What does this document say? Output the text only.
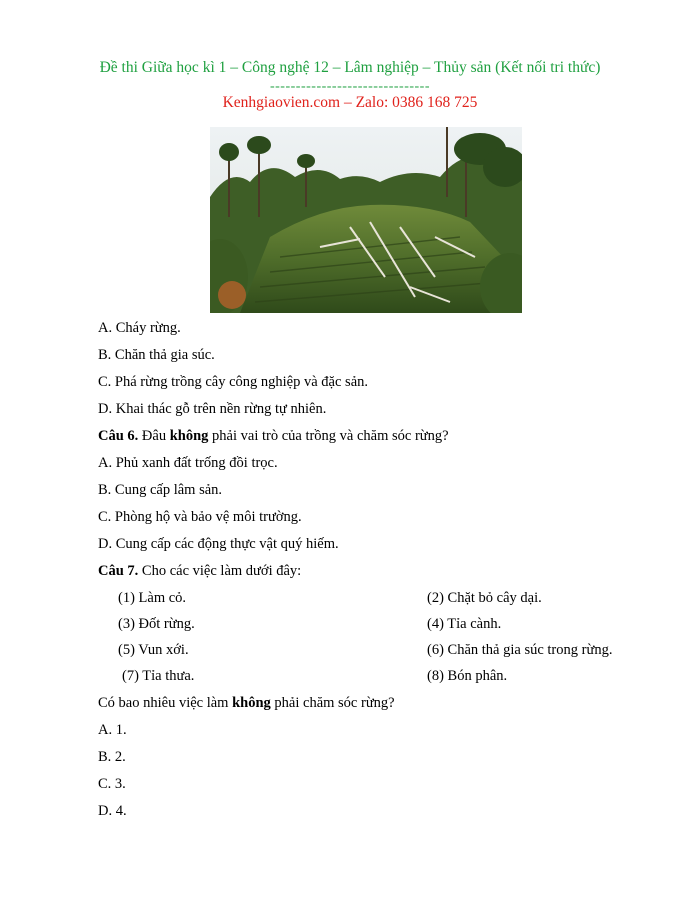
Đề thi Giữa học kì 1 – Công nghệ 12 – Lâm nghiệp – Thủy sản (Kết nối tri thức)
-------------------------------
Kenhgiaovien.com – Zalo: 0386 168 725
A. Cháy rừng.
B. Chăn thả gia súc.
C. Phá rừng trồng cây công nghiệp và đặc sản.
D. Khai thác gỗ trên nền rừng tự nhiên.
Câu 6. Đâu không phải vai trò của trồng và chăm sóc rừng?
A. Phủ xanh đất trống đồi trọc.
B. Cung cấp lâm sản.
C. Phòng hộ và bảo vệ môi trường.
D. Cung cấp các động thực vật quý hiếm.
Câu 7. Cho các việc làm dưới đây:
(1) Làm cỏ.	(2) Chặt bỏ cây dại.
(3) Đốt rừng.	(4) Tỉa cành.
(5) Vun xới.	(6) Chăn thả gia súc trong rừng.
(7) Tỉa thưa.	(8) Bón phân.
Có bao nhiêu việc làm không phải chăm sóc rừng?
A. 1.
B. 2.
C. 3.
D. 4.
